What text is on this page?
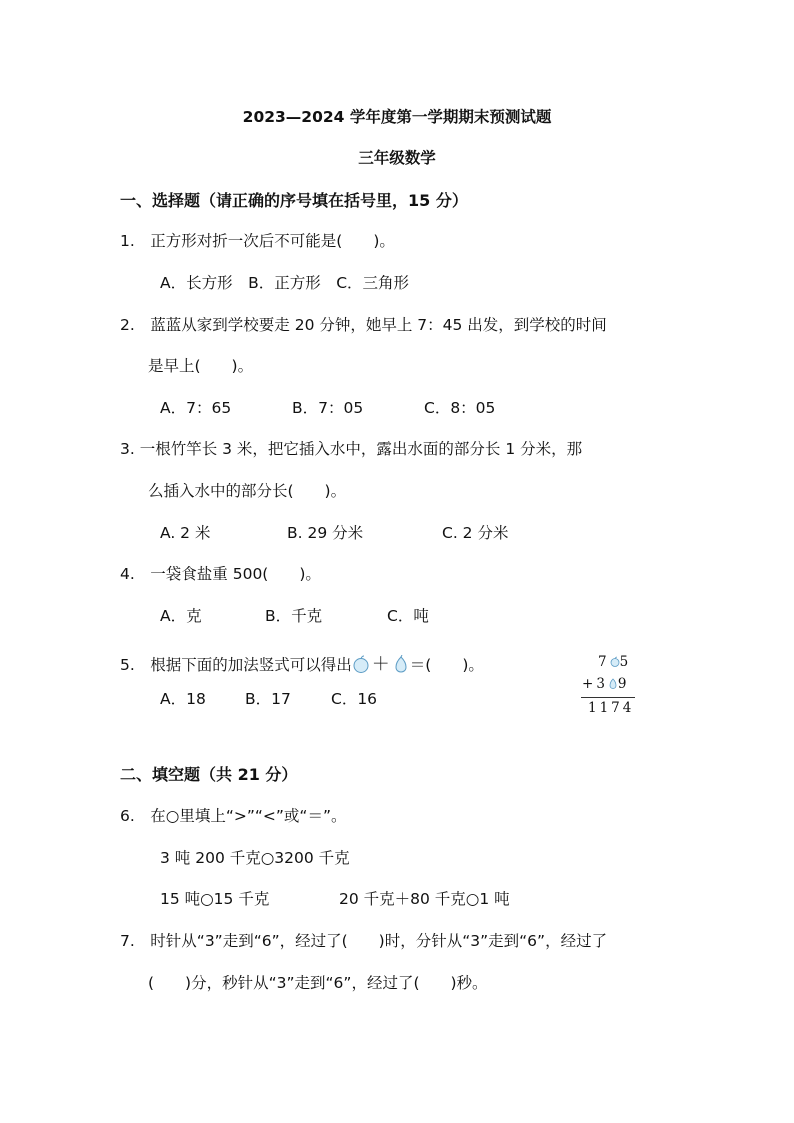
2023—2024 学年度第一学期期末预测试题
三年级数学
一、选择题（请正确的序号填在括号里，15 分）
1.　正方形对折一次后不可能是(　　)。
A．长方形　B．正方形　C．三角形
2.　蓝蓝从家到学校要走 20 分钟，她早上 7：45 出发，到学校的时间
是早上(　　)。
A．7：65	B．7：05	C．8：05
3. 一根竹竿长 3 米，把它插入水中，露出水面的部分长 1 分米，那
么插入水中的部分长(　　)。
A. 2 米	B. 29 分米	C. 2 分米
4.　一袋食盐重 500(　　)。
A．克	B．千克	C．吨
5.　根据下面的加法竖式可以得出 ＋ ＝(　　)。
A．18	B．17	C．16
7 5
+3 9
1174
二、填空题（共 21 分）
6.　在○里填上“>”“<”或“＝”。
3 吨 200 千克○3200 千克
15 吨○15 千克	20 千克＋80 千克○1 吨
7.　时针从“3”走到“6”，经过了(　　)时，分针从“3”走到“6”，经过了
(　　)分，秒针从“3”走到“6”，经过了(　　)秒。
